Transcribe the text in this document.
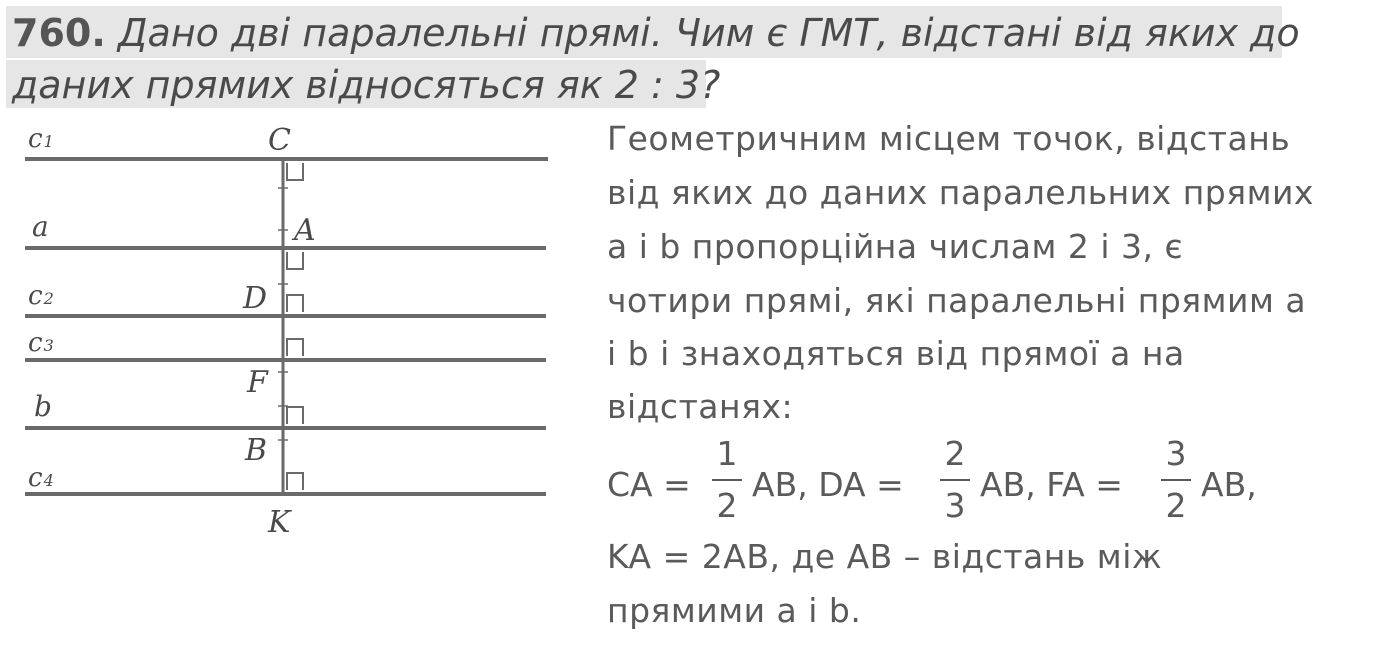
760. Дано дві паралельні прямі. Чим є ГМТ, відстані від яких до
даних прямих відносяться як 2 : 3?
c1
a
c2
c3
b
c4
C
A
D
F
B
K
Геометричним місцем точок, відстань
від яких до даних паралельних прямих
a і b пропорційна числам 2 і 3, є
чотири прямі, які паралельні прямим a
і b і знаходяться від прямої a на
відстанях:
CA =
1
2
AB, DA =
2
3
AB, FA =
3
2
AB,
KA = 2AB, де AB – відстань між
прямими a і b.
